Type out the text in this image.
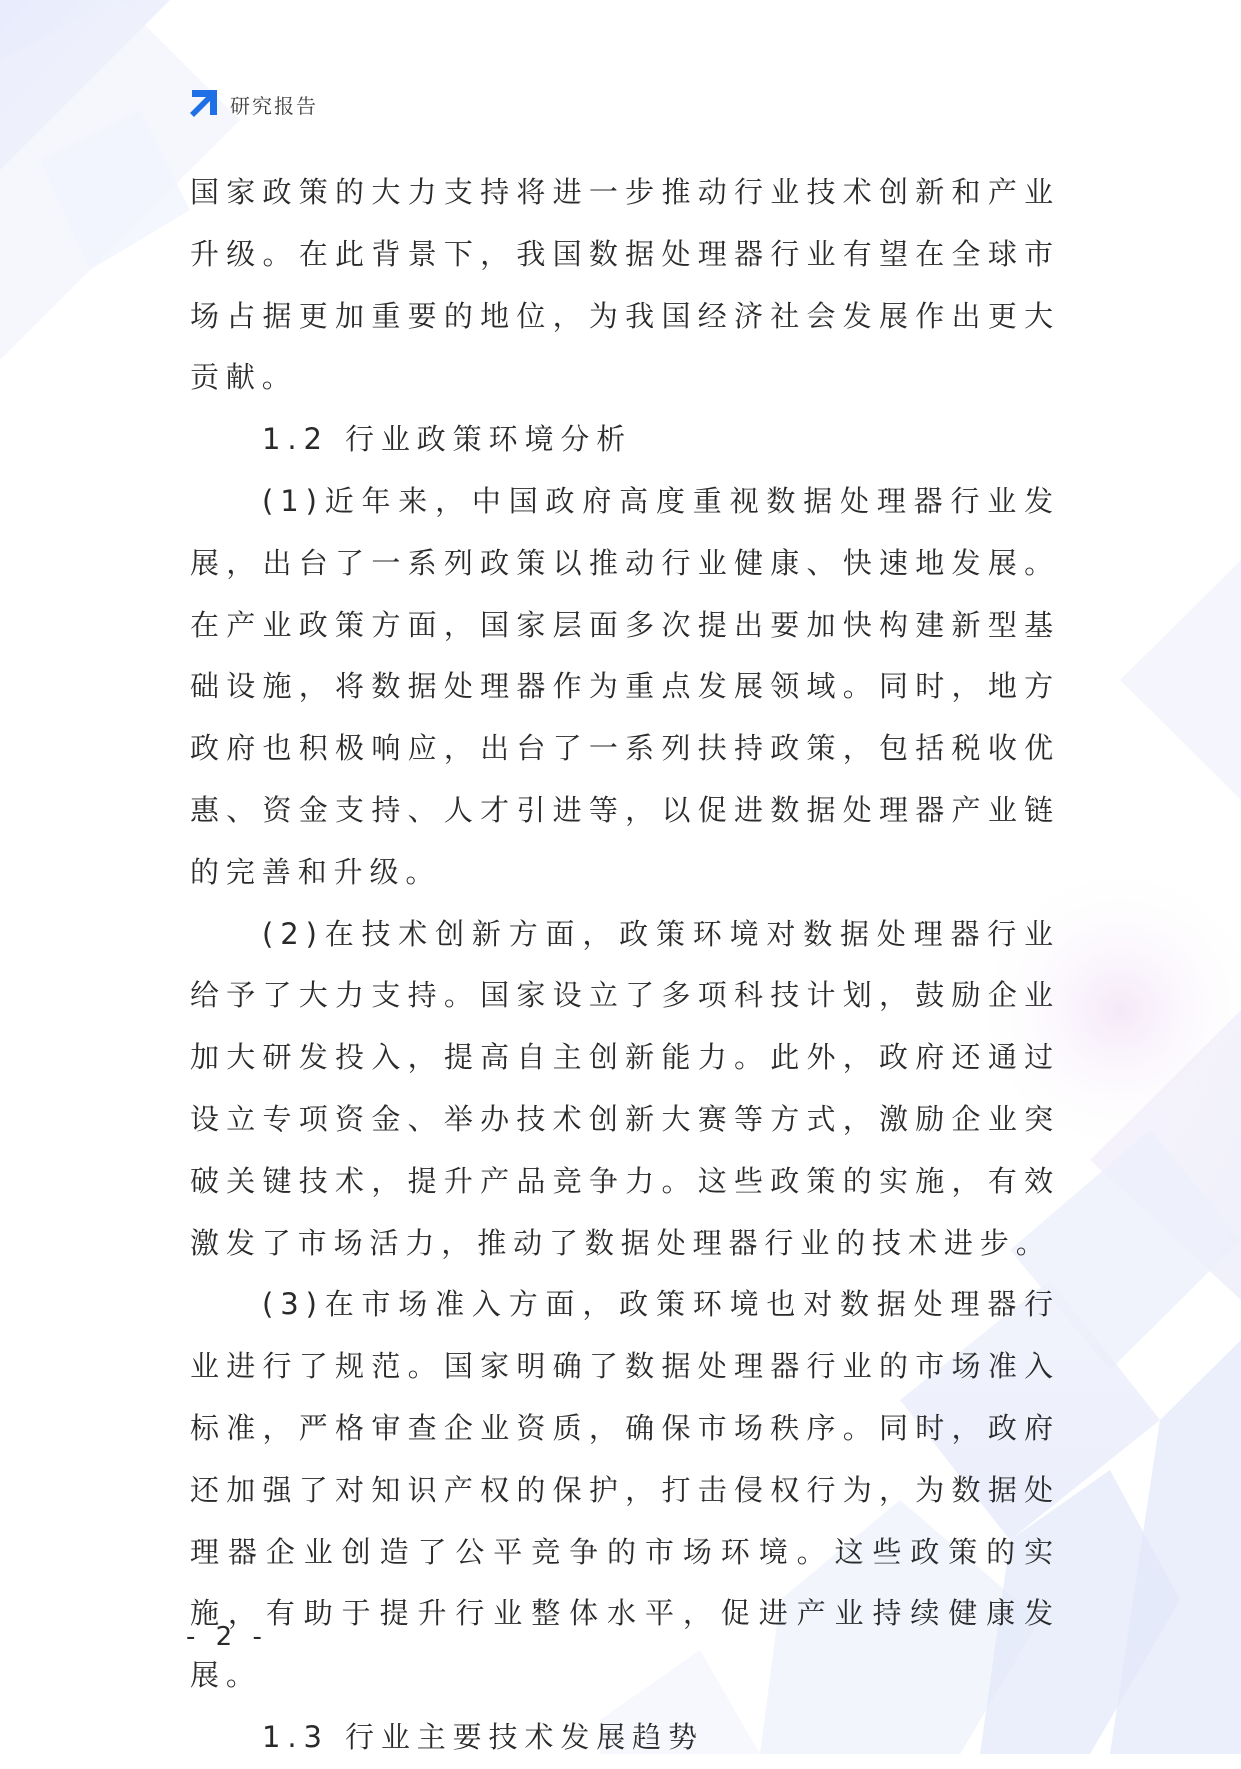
研究报告

国家政策的大力支持将进一步推动行业技术创新和产业升级。在此背景下，我国数据处理器行业有望在全球市场占据更加重要的地位，为我国经济社会发展作出更大贡献。

1.2 行业政策环境分析

(1)近年来，中国政府高度重视数据处理器行业发展，出台了一系列政策以推动行业健康、快速地发展。在产业政策方面，国家层面多次提出要加快构建新型基础设施，将数据处理器作为重点发展领域。同时，地方政府也积极响应，出台了一系列扶持政策，包括税收优惠、资金支持、人才引进等，以促进数据处理器产业链的完善和升级。

(2)在技术创新方面，政策环境对数据处理器行业给予了大力支持。国家设立了多项科技计划，鼓励企业加大研发投入，提高自主创新能力。此外，政府还通过设立专项资金、举办技术创新大赛等方式，激励企业突破关键技术，提升产品竞争力。这些政策的实施，有效激发了市场活力，推动了数据处理器行业的技术进步。

(3)在市场准入方面，政策环境也对数据处理器行业进行了规范。国家明确了数据处理器行业的市场准入标准，严格审查企业资质，确保市场秩序。同时，政府还加强了对知识产权的保护，打击侵权行为，为数据处理器企业创造了公平竞争的市场环境。这些政策的实施，有助于提升行业整体水平，促进产业持续健康发展。

1.3 行业主要技术发展趋势

- 2 -
